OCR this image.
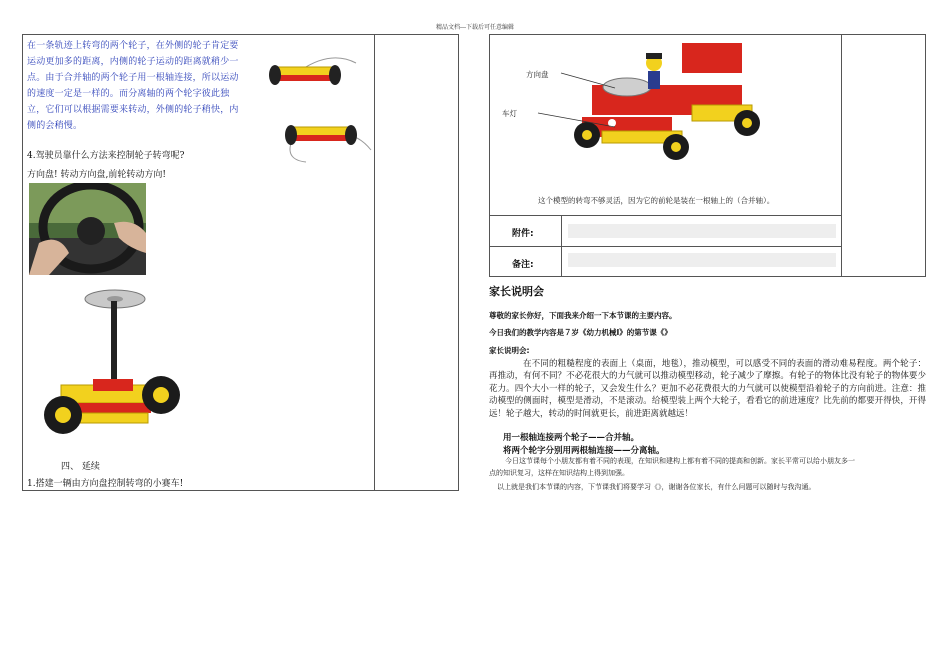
精品文档---下载后可任意编辑
在一条轨迹上转弯的两个轮子，在外侧的轮子肯定要
运动更加多的距离，内侧的轮子运动的距离就稍少一
点。由于合并轴的两个轮子用一根轴连接，所以运动
的速度一定是一样的。而分离轴的两个轮字彼此独
立，它们可以根据需要来转动，外侧的轮子稍快，内
侧的会稍慢。
4.驾驶员靠什么方法来控制轮子转弯呢?
方向盘! 转动方向盘,前轮转动方向!
四、 延续
1.搭建一辆由方向盘控制转弯的小赛车!
方向盘
车灯
这个模型的转弯不够灵活，因为它的前轮是装在一根轴上的（合并轴）。
附件:
备注:
家长说明会
尊敬的家长你好，下面我来介绍一下本节课的主要内容。
今日我们的教学内容是７岁《幼力机械Ⅰ》的第节课《》
家长说明会:
在不同的粗糙程度的表面上（桌面，地毯），推动模型，可以感受不同的表面的滑动难易程度。两个轮子：再推动，有何不同？不必花很大的力气就可以推动模型移动，轮子减少了摩擦。有轮子的物体比没有轮子的物体要少花力。四个大小一样的轮子，又会发生什么？更加不必花费很大的力气就可以使模型沿着轮子的方向前进。注意：推动模型的侧面时，模型是滑动，不是滚动。给模型装上两个大轮子，看看它的前进速度？比先前的都要开得快，开得远！轮子越大，转动的时间就更长，前进距离就越远！
用一根轴连接两个轮子——合并轴。
将两个轮字分别用两根轴连接——分离轴。
今日这节课每个小朋友都有着不同的表现，在知识和建构上都有着不同的提高和创新。家长平常可以给小朋友多一
点的知识复习，这样在知识结构上得到加强。
以上就是我们本节课的内容，下节课我们将要学习《》，谢谢各位家长，有什么问题可以随时与我沟通。
